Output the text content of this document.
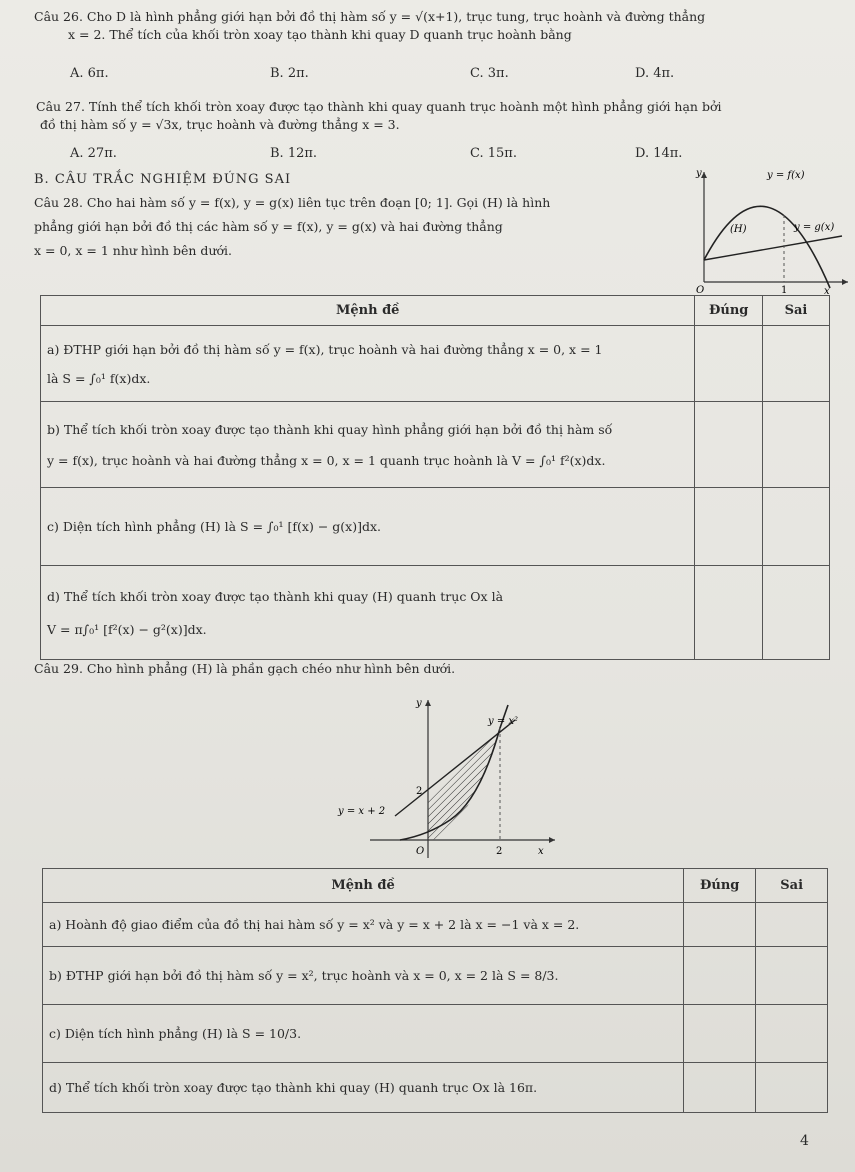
Câu 26. Cho D là hình phẳng giới hạn bởi đồ thị hàm số y = √(x+1), trục tung, trục hoành và đường thẳng
x = 2. Thể tích của khối tròn xoay tạo thành khi quay D quanh trục hoành bằng
A. 6π.	B. 2π.	C. 3π.	D. 4π.
Câu 27. Tính thể tích khối tròn xoay được tạo thành khi quay quanh trục hoành một hình phẳng giới hạn bởi
đồ thị hàm số y = √3x, trục hoành và đường thẳng x = 3.
A. 27π.	B. 12π.	C. 15π.	D. 14π.
B. CÂU TRẮC NGHIỆM ĐÚNG SAI
Câu 28. Cho hai hàm số y = f(x), y = g(x) liên tục trên đoạn [0; 1]. Gọi (H) là hình
phẳng giới hạn bởi đồ thị các hàm số y = f(x), y = g(x) và hai đường thẳng
x = 0, x = 1 như hình bên dưới.
y	y = f(x)
(H)	y = g(x)
O	1	x
Mệnh đề	Đúng	Sai

a) ĐTHP giới hạn bởi đồ thị hàm số y = f(x), trục hoành và hai đường thẳng x = 0, x = 1
là S = ∫₀¹ f(x)dx.		

b) Thể tích khối tròn xoay được tạo thành khi quay hình phẳng giới hạn bởi đồ thị hàm số
y = f(x), trục hoành và hai đường thẳng x = 0, x = 1 quanh trục hoành là V = ∫₀¹ f²(x)dx.		

c) Diện tích hình phẳng (H) là S = ∫₀¹ [f(x) − g(x)]dx.		

d) Thể tích khối tròn xoay được tạo thành khi quay (H) quanh trục Ox là
V = π∫₀¹ [f²(x) − g²(x)]dx.		

Câu 29. Cho hình phẳng (H) là phần gạch chéo như hình bên dưới.
y
y = x²
2
y = x + 2
O	2	x
Mệnh đề	Đúng	Sai
a) Hoành độ giao điểm của đồ thị hai hàm số y = x² và y = x + 2 là x = −1 và x = 2.		
b) ĐTHP giới hạn bởi đồ thị hàm số y = x², trục hoành và x = 0, x = 2 là S = 8/3.		
c) Diện tích hình phẳng (H) là S = 10/3.		
d) Thể tích khối tròn xoay được tạo thành khi quay (H) quanh trục Ox là 16π.		
4
